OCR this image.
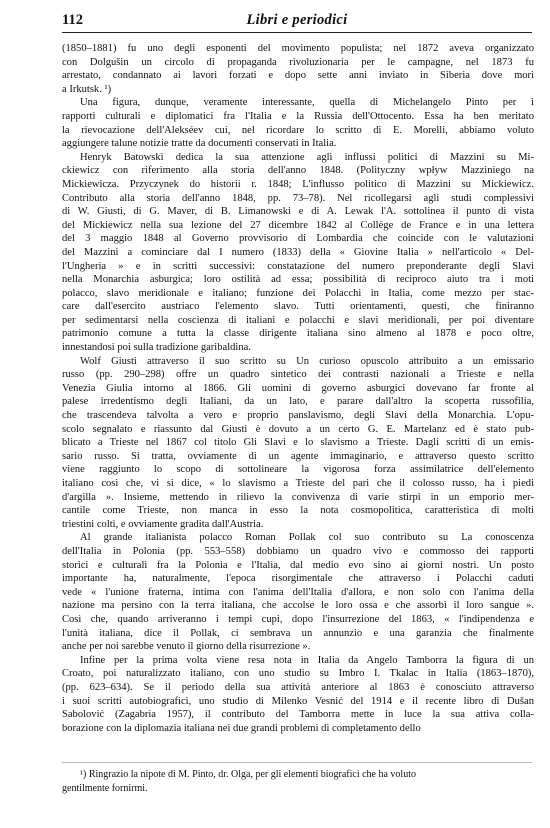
112	Libri e periodici
(1850–1881) fu uno degli esponenti del movimento populista; nel 1872 aveva organizzato
con Dolgušin un circolo di propaganda rivoluzionaria per le campagne, nel 1873 fu
arrestato, condannato ai lavori forzati e dopo sette anni inviato in Siberia dove morì
a Irkutsk. ¹)
Una figura, dunque, veramente interessante, quella di Michelangelo Pinto per i
rapporti culturali e diplomatici fra l'Italia e la Russia dell'Ottocento. Essa ha ben meritato
la rievocazione dell'Alekséev cui, nel ricordare lo scritto di E. Morelli, abbiamo voluto
aggiungere talune notizie tratte da documenti conservati in Italia.
Henryk Batowski dedica la sua attenzione agli influssi politici di Mazzini su Mi-
ckiewicz con riferimento alla storia dell'anno 1848. (Polityczny wpływ Mazziniego na
Mickiewicza. Przyczynek do historii r. 1848; L'influsso politico di Mazzini su Mickiewicz.
Contributo alla storia dell'anno 1848, pp. 73–78). Nel ricollegarsi agli studi complessivi
di W. Giusti, di G. Maver, di B. Limanowski e di A. Lewak l'A. sottolinea il punto di vista
del Mickiewicz nella sua lezione del 27 dicembre 1842 al Collège de France e in una lettera
del 3 maggio 1848 al Governo provvisorio di Lombardia che coincide con le valutazioni
del Mazzini a cominciare dal I numero (1833) della « Giovine Italia » nell'articolo « Del-
l'Ungheria » e in scritti successivi: constatazione del numero preponderante degli Slavi
nella Monarchia asburgica; loro ostilità ad essa; possibilità di reciproco aiuto tra i moti
polacco, slavo meridionale e italiano; funzione dei Polacchi in Italia, come mezzo per stac-
care dall'esercito austriaco l'elemento slavo. Tutti orientamenti, questi, che finiranno
per sedimentarsi nella coscienza di italiani e polacchi e slavi meridionali, per poi diventare
patrimonio comune a tutta la classe dirigente italiana sino almeno al 1878 e poco oltre,
innestandosi poi sulla tradizione garibaldina.
Wolf Giusti attraverso il suo scritto su Un curioso opuscolo attribuito a un emissario
russo (pp. 290–298) offre un quadro sintetico dei contrasti nazionali a Trieste e nella
Venezia Giulia intorno al 1866. Gli uomini di governo asburgici dovevano far fronte al
palese irredentismo degli Italiani, da un lato, e parare dall'altro la scoperta russofilia,
che trascendeva talvolta a vero e proprio panslavismo, degli Slavi della Monarchia. L'opu-
scolo segnalato e riassunto dal Giusti è dovuto a un certo G. E. Martelanz ed è stato pub-
blicato a Trieste nel 1867 col titolo Gli Slavi e lo slavismo a Trieste. Dagli scritti di un emis-
sario russo. Si tratta, ovviamente di un agente immaginario, e attraverso questo scritto
viene raggiunto lo scopo di sottolineare la vigorosa forza assimilatrice dell'elemento
italiano così che, vi si dice, « lo slavismo a Trieste del pari che il colosso russo, ha i piedi
d'argilla ». Insieme, mettendo in rilievo la convivenza di varie stirpi in un emporio mer-
cantile come Trieste, non manca in esso la nota cosmopolitica, caratteristica di molti
triestini colti, e ovviamente gradita dall'Austria.
Al grande italianista polacco Roman Pollak col suo contributo su La conoscenza
dell'Italia in Polonia (pp. 553–558) dobbiamo un quadro vivo e commosso dei rapporti
storici e culturali fra la Polonia e l'Italia, dal medio evo sino ai giorni nostri. Un posto
importante ha, naturalmente, l'epoca risorgimentale che attraverso i Polacchi caduti
vede « l'unione fraterna, intima con l'anima dell'Italia d'allora, e non solo con l'anima della
nazione ma persino con la terra italiana, che accolse le loro ossa e che assorbì il loro sangue ».
Così che, quando arriveranno i tempi cupi, dopo l'insurrezione del 1863, « l'indipendenza e
l'unità italiana, dice il Pollak, ci sembrava un annunzio e una garanzia che finalmente
anche per noi sarebbe venuto il giorno della risurrezione ».
Infine per la prima volta viene resa nota in Italia da Angelo Tamborra la figura di un
Croato, poi naturalizzato italiano, con uno studio su Imbro I. Tkalac in Italia (1863–1870),
(pp. 623–634). Se il periodo della sua attività anteriore al 1863 è conosciuto attraverso
i suoi scritti autobiografici, uno studio di Milenko Vesnić del 1914 e il recente libro di Dušan
Sabolović (Zagabria 1957), il contributo del Tamborra mette in luce la sua attiva colla-
borazione con la diplomazia italiana nei due grandi problemi di completamento dello
¹) Ringrazio la nipote di M. Pinto, dr. Olga, per gli elementi biografici che ha voluto
gentilmente fornirmi.
